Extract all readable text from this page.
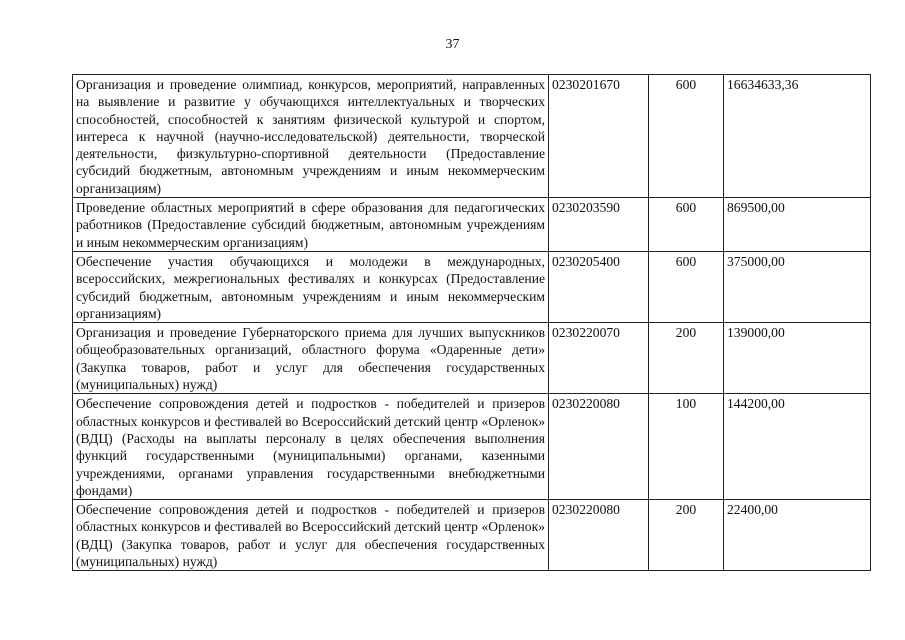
37
Организация и проведение олимпиад, конкурсов, мероприятий, направленных на выявление и развитие у обучающихся интеллектуальных и творческих способностей, способностей к занятиям физической культурой и спортом, интереса к научной (научно-исследовательской) деятельности, творческой деятельности, физкультурно-спортивной деятельности (Предоставление субсидий бюджетным, автономным учреждениям и иным некоммерческим организациям)	0230201670	600	16634633,36
Проведение областных мероприятий в сфере образования для педагогических работников (Предоставление субсидий бюджетным, автономным учреждениям и иным некоммерческим организациям)	0230203590	600	869500,00
Обеспечение участия обучающихся и молодежи в международных, всероссийских, межрегиональных фестивалях и конкурсах (Предоставление субсидий бюджетным, автономным учреждениям и иным некоммерческим организациям)	0230205400	600	375000,00
Организация и проведение Губернаторского приема для лучших выпускников общеобразовательных организаций, областного форума «Одаренные дети» (Закупка товаров, работ и услуг для обеспечения государственных (муниципальных) нужд)	0230220070	200	139000,00
Обеспечение сопровождения детей и подростков - победителей и призеров областных конкурсов и фестивалей во Всероссийский детский центр «Орленок» (ВДЦ) (Расходы на выплаты персоналу в целях обеспечения выполнения функций государственными (муниципальными) органами, казенными учреждениями, органами управления государственными внебюджетными фондами)	0230220080	100	144200,00
Обеспечение сопровождения детей и подростков - победителей и призеров областных конкурсов и фестивалей во Всероссийский детский центр «Орленок» (ВДЦ) (Закупка товаров, работ и услуг для обеспечения государственных (муниципальных) нужд)	0230220080	200	22400,00
